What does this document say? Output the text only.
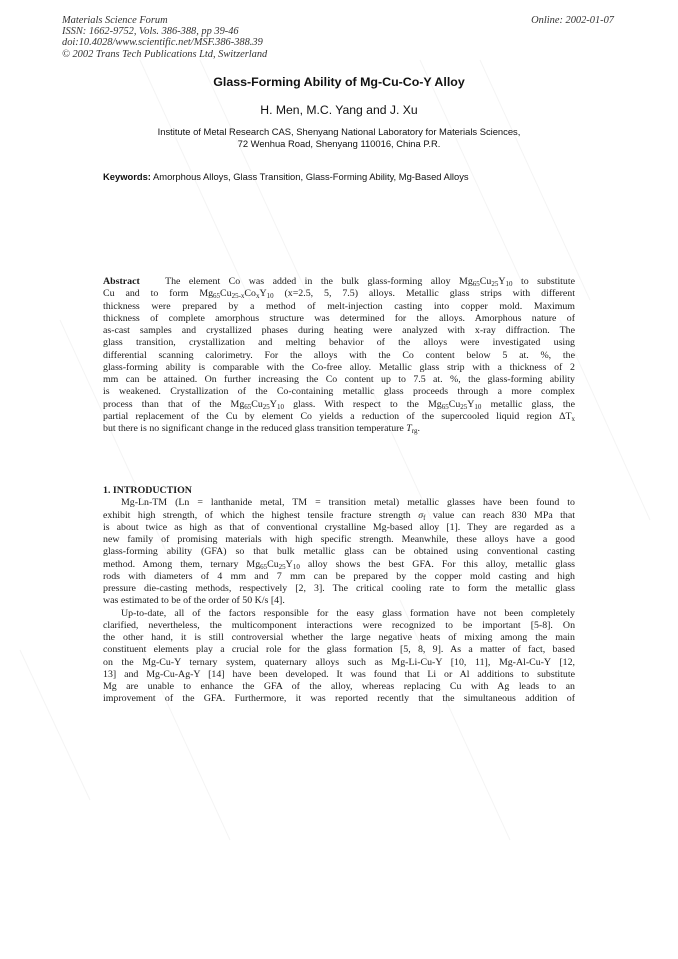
Materials Science Forum
ISSN: 1662-9752, Vols. 386-388, pp 39-46
doi:10.4028/www.scientific.net/MSF.386-388.39
© 2002 Trans Tech Publications Ltd, Switzerland
Online: 2002-01-07
Glass-Forming Ability of Mg-Cu-Co-Y Alloy
H. Men, M.C. Yang and J. Xu
Institute of Metal Research CAS, Shenyang National Laboratory for Materials Sciences,
72 Wenhua Road, Shenyang 110016, China P.R.
Keywords: Amorphous Alloys, Glass Transition, Glass-Forming Ability, Mg-Based Alloys
Abstract   The element Co was added in the bulk glass-forming alloy $Mg_{65}Cu_{25}Y_{10}$ to substitute
Cu and to form $Mg_{65}Cu_{25-x}Co_xY_{10}$ (x=2.5, 5, 7.5) alloys. Metallic glass strips with different
thickness were prepared by a method of melt-injection casting into copper mold. Maximum
thickness of complete amorphous structure was determined for the alloys. Amorphous nature of
as-cast samples and crystallized phases during heating were analyzed with x-ray diffraction. The
glass transition, crystallization and melting behavior of the alloys were investigated using
differential scanning calorimetry. For the alloys with the Co content below 5 at. %, the
glass-forming ability is comparable with the Co-free alloy. Metallic glass strip with a thickness of 2
mm can be attained. On further increasing the Co content up to 7.5 at. %, the glass-forming ability
is weakened. Crystallization of the Co-containing metallic glass proceeds through a more complex
process than that of the $Mg_{65}Cu_{25}Y_{10}$ glass. With respect to the $Mg_{65}Cu_{25}Y_{10}$ metallic glass, the
partial replacement of the Cu by element Co yields a reduction of the supercooled liquid region $\Delta T_x$
but there is no significant change in the reduced glass transition temperature $T_{rg}$.
1. INTRODUCTION
Mg-Ln-TM (Ln = lanthanide metal, TM = transition metal) metallic glasses have been found to
exhibit high strength, of which the highest tensile fracture strength $\sigma_f$ value can reach 830 MPa that
is about twice as high as that of conventional crystalline Mg-based alloy [1]. They are regarded as a
new family of promising materials with high specific strength. Meanwhile, these alloys have a good
glass-forming ability (GFA) so that bulk metallic glass can be obtained using conventional casting
method. Among them, ternary $Mg_{65}Cu_{25}Y_{10}$ alloy shows the best GFA. For this alloy, metallic glass
rods with diameters of 4 mm and 7 mm can be prepared by the copper mold casting and high
pressure die-casting methods, respectively [2, 3]. The critical cooling rate to form the metallic glass
was estimated to be of the order of 50 K/s [4].
Up-to-date, all of the factors responsible for the easy glass formation have not been completely
clarified, nevertheless, the multicomponent interactions were recognized to be important [5-8]. On
the other hand, it is still controversial whether the large negative heats of mixing among the main
constituent elements play a crucial role for the glass formation [5, 8, 9]. As a matter of fact, based
on the Mg-Cu-Y ternary system, quaternary alloys such as Mg-Li-Cu-Y [10, 11], Mg-Al-Cu-Y [12,
13] and Mg-Cu-Ag-Y [14] have been developed. It was found that Li or Al additions to substitute
Mg are unable to enhance the GFA of the alloy, whereas replacing Cu with Ag leads to an
improvement of the GFA. Furthermore, it was reported recently that the simultaneous addition of
